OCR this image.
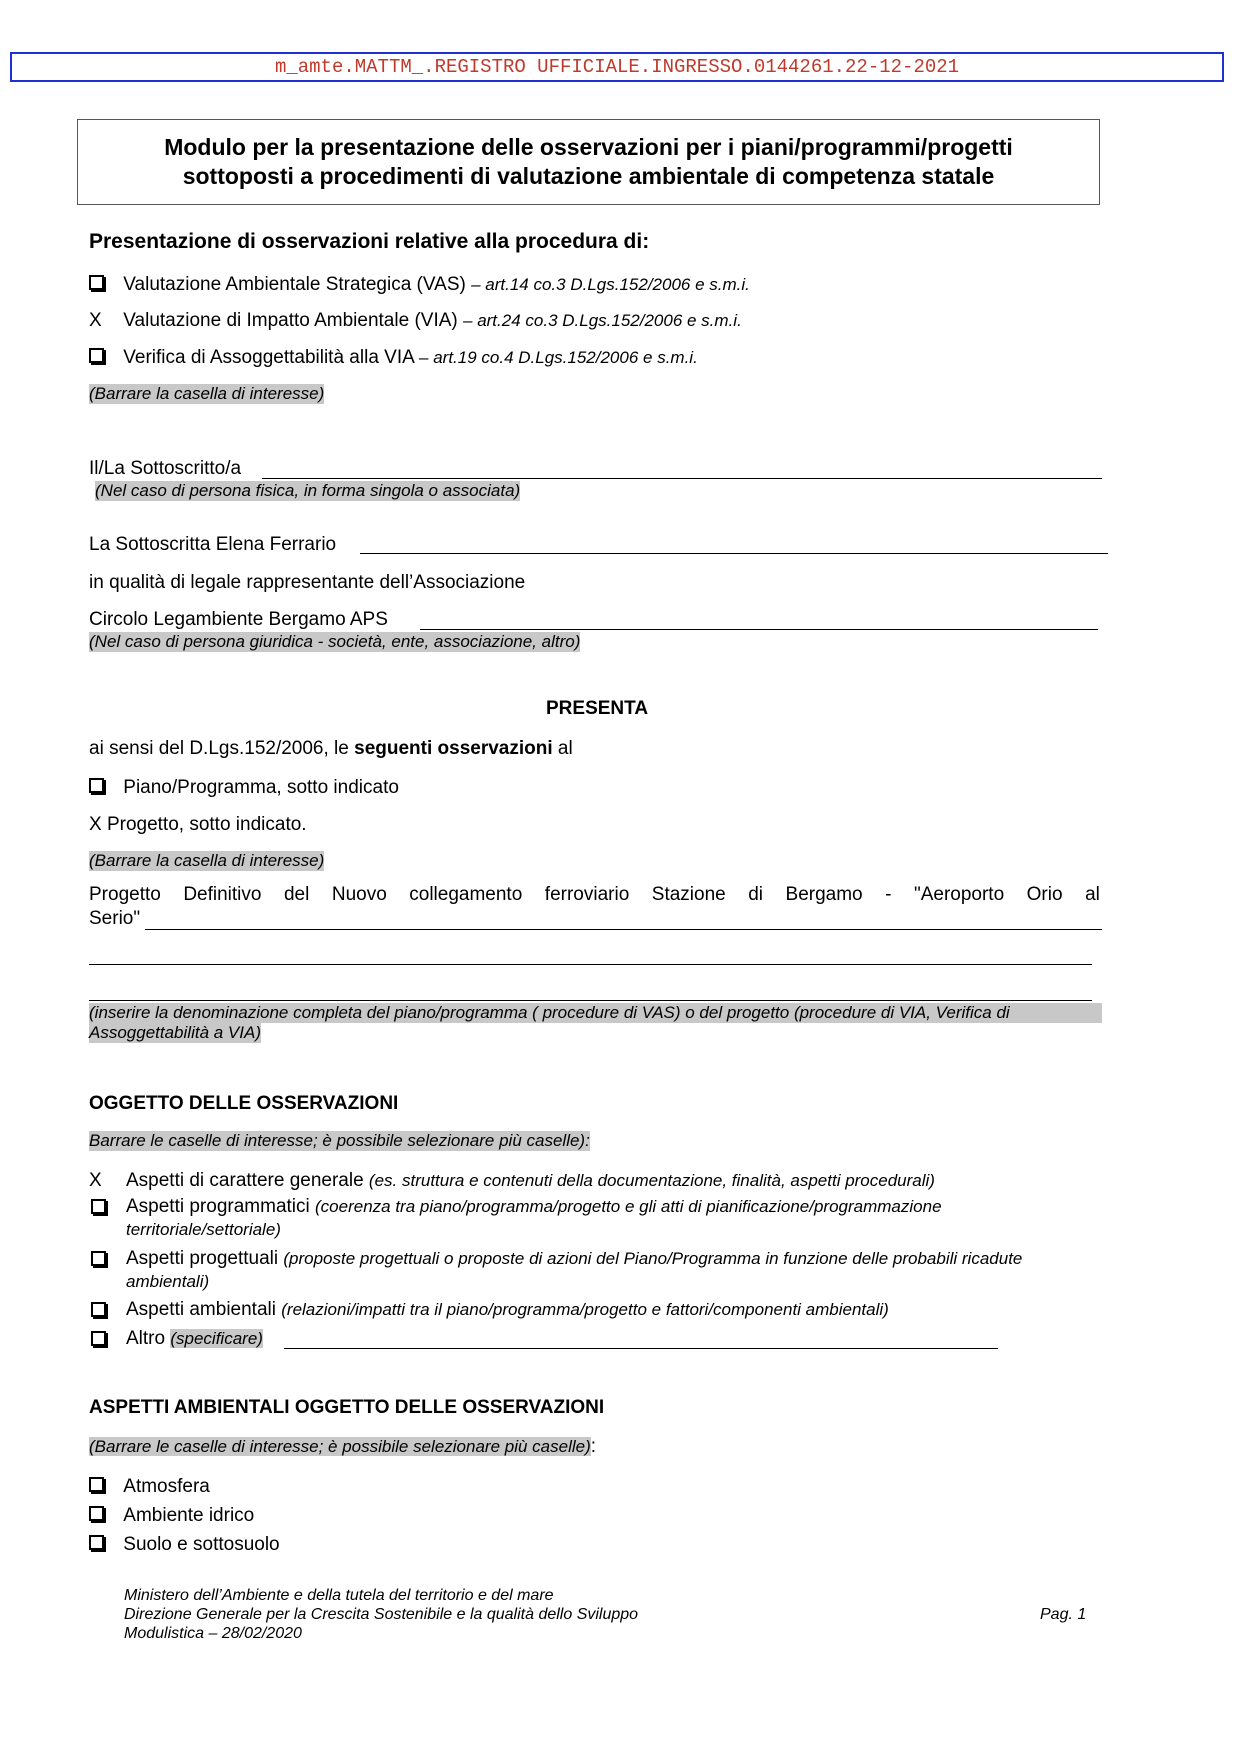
m_amte.MATTM_.REGISTRO UFFICIALE.INGRESSO.0144261.22-12-2021
Modulo per la presentazione delle osservazioni per i piani/programmi/progetti
sottoposti a procedimenti di valutazione ambientale di competenza statale
Presentazione di osservazioni relative alla procedura di:
Valutazione Ambientale Strategica (VAS) – art.14 co.3 D.Lgs.152/2006 e s.m.i.
X Valutazione di Impatto Ambientale (VIA) – art.24 co.3 D.Lgs.152/2006 e s.m.i.
Verifica di Assoggettabilità alla VIA – art.19 co.4 D.Lgs.152/2006 e s.m.i.
(Barrare la casella di interesse)
Il/La Sottoscritto/a
(Nel caso di persona fisica, in forma singola o associata)
La Sottoscritta Elena Ferrario
in qualità di legale rappresentante dell’Associazione
Circolo Legambiente Bergamo APS
(Nel caso di persona giuridica - società, ente, associazione, altro)
PRESENTA
ai sensi del D.Lgs.152/2006, le seguenti osservazioni al
Piano/Programma, sotto indicato
X Progetto, sotto indicato.
(Barrare la casella di interesse)
Progetto Definitivo del Nuovo collegamento ferroviario Stazione di Bergamo - "Aeroporto Orio al
Serio"
(inserire la denominazione completa del piano/programma ( procedure di VAS) o del progetto (procedure di VIA, Verifica di
Assoggettabilità a VIA)
OGGETTO DELLE OSSERVAZIONI
Barrare le caselle di interesse; è possibile selezionare più caselle):
X Aspetti di carattere generale (es. struttura e contenuti della documentazione, finalità, aspetti procedurali)
Aspetti programmatici (coerenza tra piano/programma/progetto e gli atti di pianificazione/programmazione
territoriale/settoriale)
Aspetti progettuali (proposte progettuali o proposte di azioni del Piano/Programma in funzione delle probabili ricadute
ambientali)
Aspetti ambientali (relazioni/impatti tra il piano/programma/progetto e fattori/componenti ambientali)
Altro (specificare)
ASPETTI AMBIENTALI OGGETTO DELLE OSSERVAZIONI
(Barrare le caselle di interesse; è possibile selezionare più caselle):
Atmosfera
Ambiente idrico
Suolo e sottosuolo
Ministero dell’Ambiente e della tutela del territorio e del mare
Direzione Generale per la Crescita Sostenibile e la qualità dello Sviluppo
Modulistica – 28/02/2020
Pag. 1
